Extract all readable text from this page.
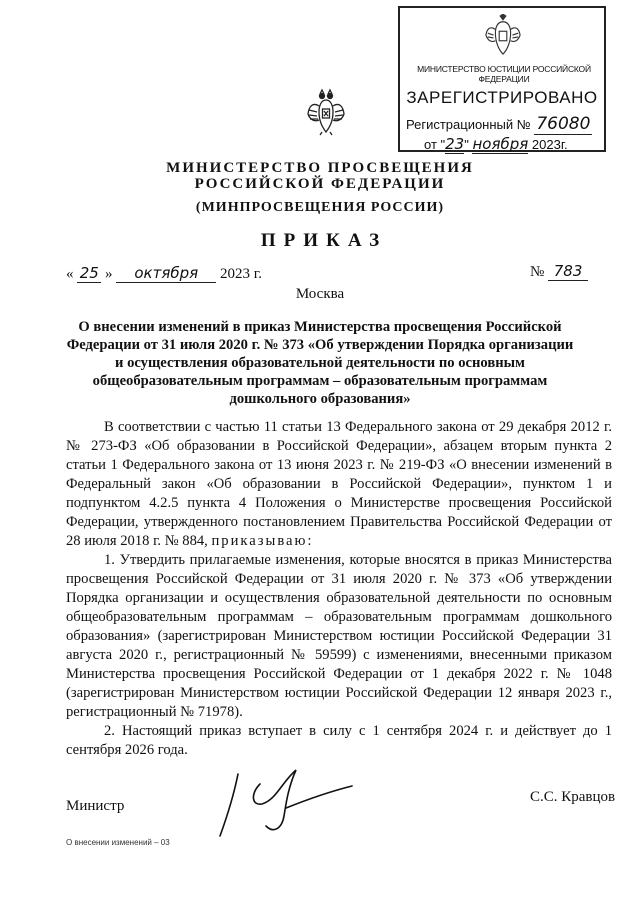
МИНИСТЕРСТВО ЮСТИЦИИ РОССИЙСКОЙ ФЕДЕРАЦИИ
ЗАРЕГИСТРИРОВАНО
Регистрационный № 76080
от "23" ноября 2023г.
МИНИСТЕРСТВО ПРОСВЕЩЕНИЯ
РОССИЙСКОЙ ФЕДЕРАЦИИ
(МИНПРОСВЕЩЕНИЯ РОССИИ)
ПРИКАЗ
« 25 » октября 2023 г.	№ 783
Москва
О внесении изменений в приказ Министерства просвещения Российской
Федерации от 31 июля 2020 г. № 373 «Об утверждении Порядка организации
и осуществления образовательной деятельности по основным
общеобразовательным программам – образовательным программам
дошкольного образования»

В соответствии с частью 11 статьи 13 Федерального закона от 29 декабря 2012 г. № 273-ФЗ «Об образовании в Российской Федерации», абзацем вторым пункта 2 статьи 1 Федерального закона от 13 июня 2023 г. № 219-ФЗ «О внесении изменений в Федеральный закон «Об образовании в Российской Федерации», пунктом 1 и подпунктом 4.2.5 пункта 4 Положения о Министерстве просвещения Российской Федерации, утвержденного постановлением Правительства Российской Федерации от 28 июля 2018 г. № 884, приказываю:

1. Утвердить прилагаемые изменения, которые вносятся в приказ Министерства просвещения Российской Федерации от 31 июля 2020 г. № 373 «Об утверждении Порядка организации и осуществления образовательной деятельности по основным общеобразовательным программам – образовательным программам дошкольного образования» (зарегистрирован Министерством юстиции Российской Федерации 31 августа 2020 г., регистрационный № 59599) с изменениями, внесенными приказом Министерства просвещения Российской Федерации от 1 декабря 2022 г. № 1048 (зарегистрирован Министерством юстиции Российской Федерации 12 января 2023 г., регистрационный № 71978).

2. Настоящий приказ вступает в силу с 1 сентября 2024 г. и действует до 1 сентября 2026 года.

Министр
С.С. Кравцов
О внесении изменений – 03
